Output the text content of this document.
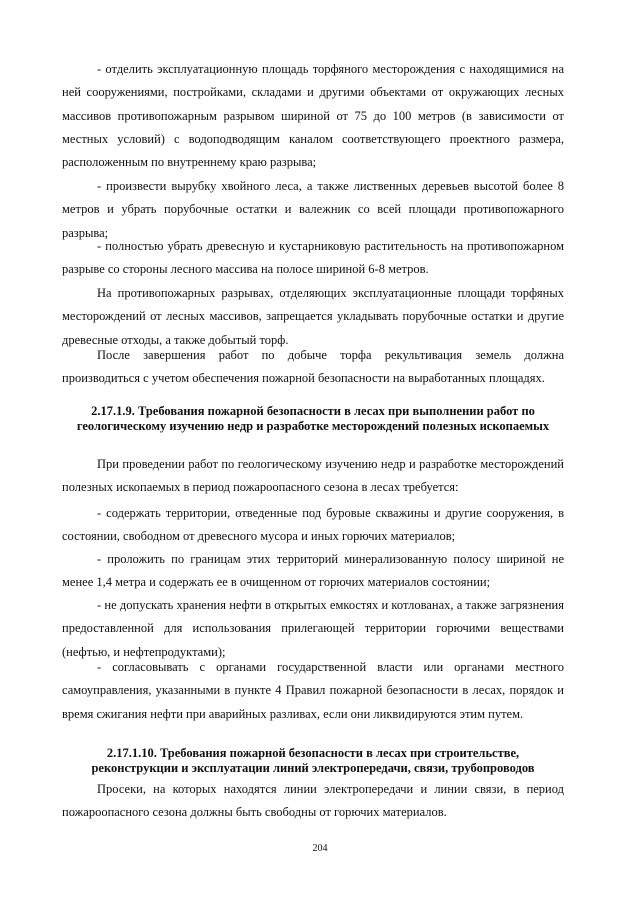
- отделить эксплуатационную площадь торфяного месторождения с находящимися на ней сооружениями, постройками, складами и другими объектами от окружающих лесных массивов противопожарным разрывом шириной от 75 до 100 метров (в зависимости от местных условий) с водоподводящим каналом соответствующего проектного размера, расположенным по внутреннему краю разрыва;

- произвести вырубку хвойного леса, а также лиственных деревьев высотой более 8 метров и убрать порубочные остатки и валежник со всей площади противопожарного разрыва;

- полностью убрать древесную и кустарниковую растительность на противопожарном разрыве со стороны лесного массива на полосе шириной 6-8 метров.

На противопожарных разрывах, отделяющих эксплуатационные площади торфяных месторождений от лесных массивов, запрещается укладывать порубочные остатки и другие древесные отходы, а также добытый торф.

После завершения работ по добыче торфа рекультивация земель должна производиться с учетом обеспечения пожарной безопасности на выработанных площадях.

2.17.1.9. Требования пожарной безопасности в лесах при выполнении работ по геологическому изучению недр и разработке месторождений полезных ископаемых

При проведении работ по геологическому изучению недр и разработке месторождений полезных ископаемых в период пожароопасного сезона в лесах требуется:

- содержать территории, отведенные под буровые скважины и другие сооружения, в состоянии, свободном от древесного мусора и иных горючих материалов;

- проложить по границам этих территорий минерализованную полосу шириной не менее 1,4 метра и содержать ее в очищенном от горючих материалов состоянии;

- не допускать хранения нефти в открытых емкостях и котлованах, а также загрязнения предоставленной для использования прилегающей территории горючими веществами (нефтью, и нефтепродуктами);

- согласовывать с органами государственной власти или органами местного самоуправления, указанными в пункте 4 Правил пожарной безопасности в лесах, порядок и время сжигания нефти при аварийных разливах, если они ликвидируются этим путем.

2.17.1.10. Требования пожарной безопасности в лесах при строительстве, реконструкции и эксплуатации линий электропередачи, связи, трубопроводов

Просеки, на которых находятся линии электропередачи и линии связи, в период пожароопасного сезона должны быть свободны от горючих материалов.

204
